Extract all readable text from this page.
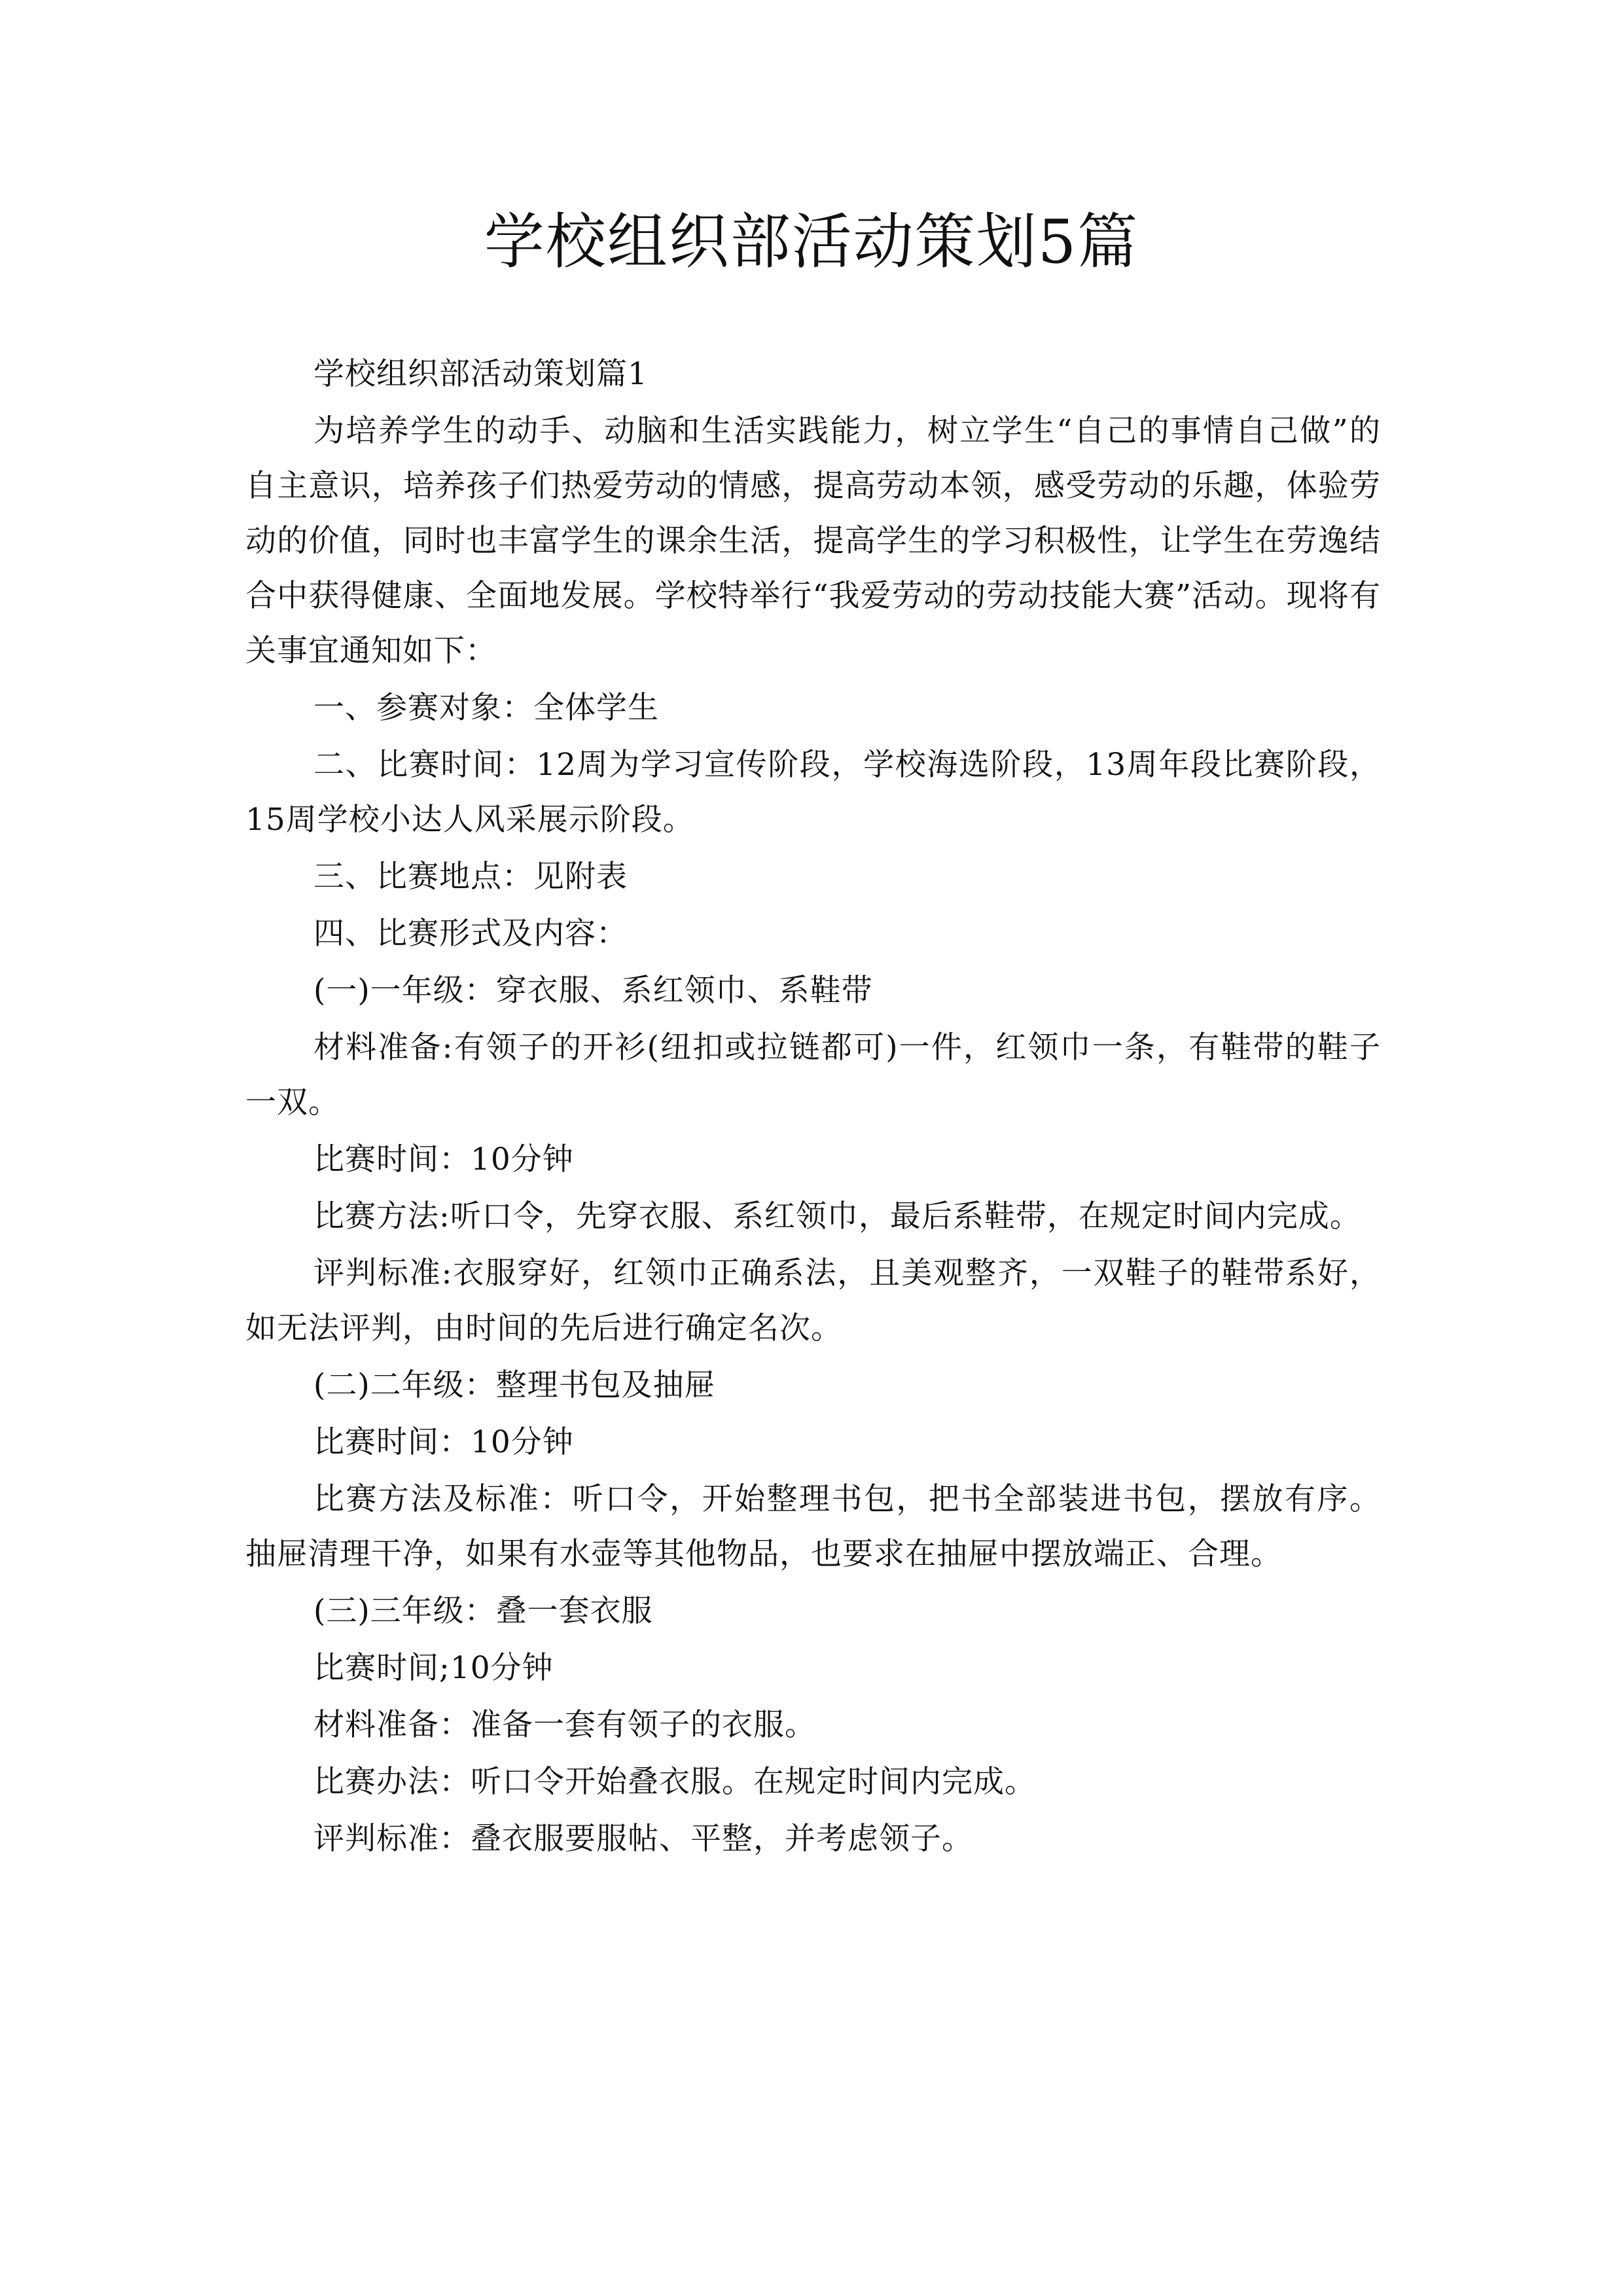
学校组织部活动策划5篇

学校组织部活动策划篇1

为培养学生的动手、动脑和生活实践能力，树立学生“自己的事情自己做”的自主意识，培养孩子们热爱劳动的情感，提高劳动本领，感受劳动的乐趣，体验劳动的价值，同时也丰富学生的课余生活，提高学生的学习积极性，让学生在劳逸结合中获得健康、全面地发展。学校特举行“我爱劳动的劳动技能大赛”活动。现将有关事宜通知如下：

一、参赛对象：全体学生

二、比赛时间：12周为学习宣传阶段，学校海选阶段，13周年段比赛阶段，15周学校小达人风采展示阶段。

三、比赛地点：见附表

四、比赛形式及内容：

(一)一年级：穿衣服、系红领巾、系鞋带

材料准备:有领子的开衫(纽扣或拉链都可)一件，红领巾一条，有鞋带的鞋子一双。

比赛时间：10分钟

比赛方法:听口令，先穿衣服、系红领巾，最后系鞋带，在规定时间内完成。

评判标准:衣服穿好，红领巾正确系法，且美观整齐，一双鞋子的鞋带系好，如无法评判，由时间的先后进行确定名次。

(二)二年级：整理书包及抽屉

比赛时间：10分钟

比赛方法及标准：听口令，开始整理书包，把书全部装进书包，摆放有序。抽屉清理干净，如果有水壶等其他物品，也要求在抽屉中摆放端正、合理。

(三)三年级：叠一套衣服

比赛时间;10分钟

材料准备：准备一套有领子的衣服。

比赛办法：听口令开始叠衣服。在规定时间内完成。

评判标准：叠衣服要服帖、平整，并考虑领子。
